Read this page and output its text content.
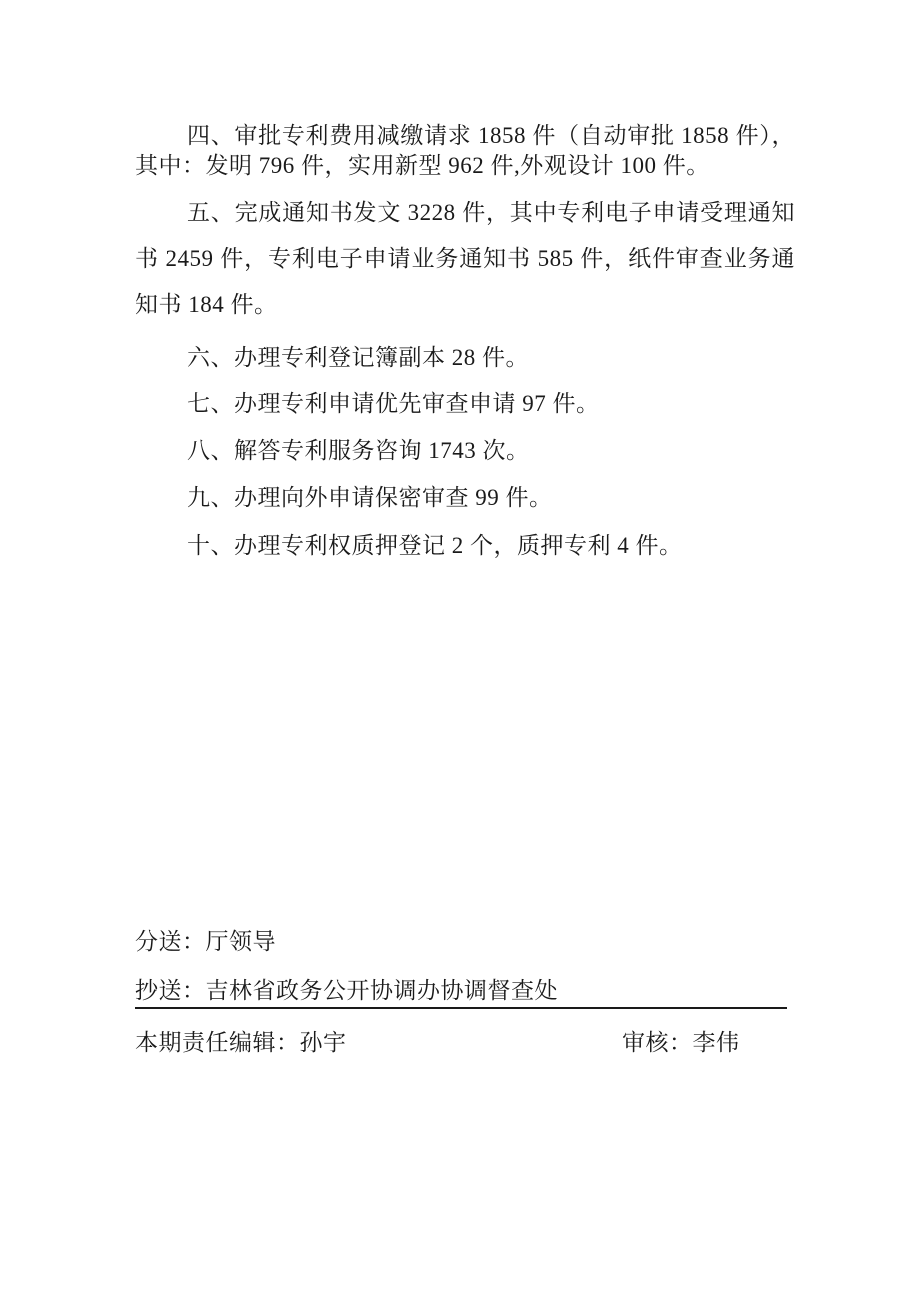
四、审批专利费用减缴请求 1858 件（自动审批 1858 件），
其中：发明 796 件，实用新型 962 件,外观设计 100 件。
五、完成通知书发文 3228 件，其中专利电子申请受理通知
书 2459 件，专利电子申请业务通知书 585 件，纸件审查业务通
知书 184 件。
六、办理专利登记簿副本 28 件。
七、办理专利申请优先审查申请 97 件。
八、解答专利服务咨询 1743 次。
九、办理向外申请保密审查 99 件。
十、办理专利权质押登记 2 个，质押专利 4 件。
分送：厅领导
抄送：吉林省政务公开协调办协调督查处
本期责任编辑：孙宇	审核：李伟
